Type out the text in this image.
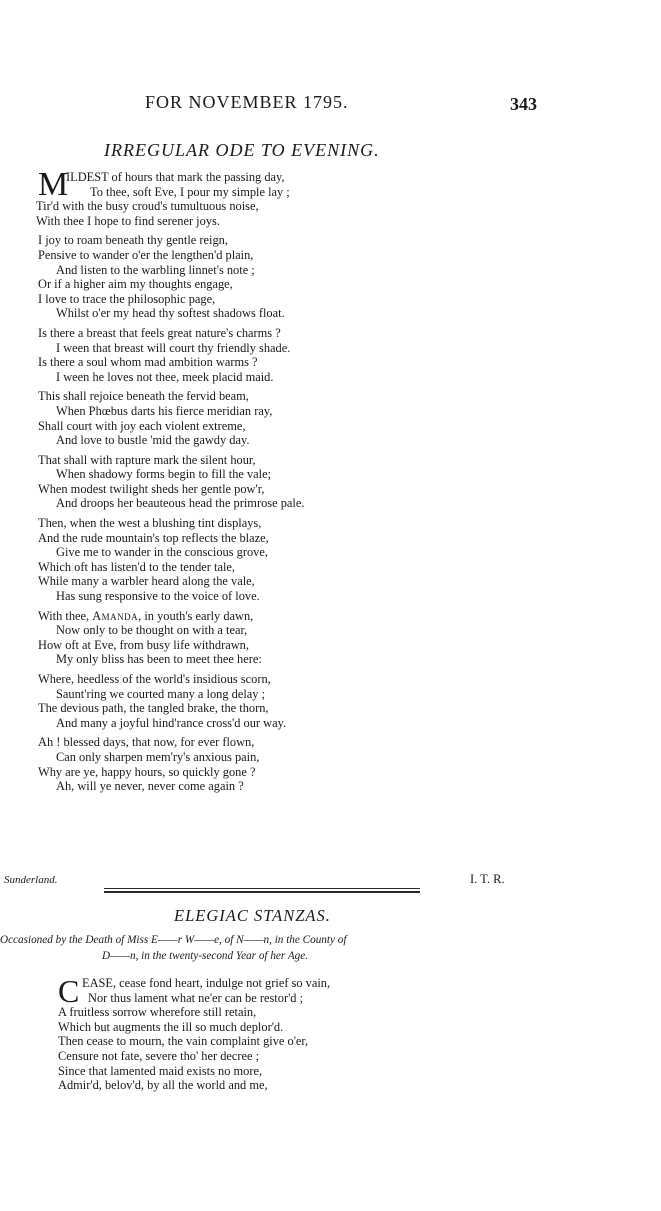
FOR NOVEMBER 1795.	343
IRREGULAR ODE TO EVENING.
M
ILDEST of hours that mark the passing day,
To thee, soft Eve, I pour my simple lay ;
Tir'd with the busy croud's tumultuous noise,
With thee I hope to find serener joys.
I joy to roam beneath thy gentle reign,
Pensive to wander o'er the lengthen'd plain,
And listen to the warbling linnet's note ;
Or if a higher aim my thoughts engage,
I love to trace the philosophic page,
Whilst o'er my head thy softest shadows float.
Is there a breast that feels great nature's charms ?
I ween that breast will court thy friendly shade.
Is there a soul whom mad ambition warms ?
I ween he loves not thee, meek placid maid.
This shall rejoice beneath the fervid beam,
When Phœbus darts his fierce meridian ray,
Shall court with joy each violent extreme,
And love to bustle 'mid the gawdy day.
That shall with rapture mark the silent hour,
When shadowy forms begin to fill the vale;
When modest twilight sheds her gentle pow'r,
And droops her beauteous head the primrose pale.
Then, when the west a blushing tint displays,
And the rude mountain's top reflects the blaze,
Give me to wander in the conscious grove,
Which oft has listen'd to the tender tale,
While many a warbler heard along the vale,
Has sung responsive to the voice of love.
With thee, Amanda, in youth's early dawn,
Now only to be thought on with a tear,
How oft at Eve, from busy life withdrawn,
My only bliss has been to meet thee here:
Where, heedless of the world's insidious scorn,
Saunt'ring we courted many a long delay ;
The devious path, the tangled brake, the thorn,
And many a joyful hind'rance cross'd our way.
Ah ! blessed days, that now, for ever flown,
Can only sharpen mem'ry's anxious pain,
Why are ye, happy hours, so quickly gone ?
Ah, will ye never, never come again ?
Sunderland.	I. T. R.
ELEGIAC STANZAS.
Occasioned by the Death of Miss E——r W——e, of N——n, in the County of
D——n, in the twenty-second Year of her Age.
C EASE, cease fond heart, indulge not grief so vain,
Nor thus lament what ne'er can be restor'd ;
A fruitless sorrow wherefore still retain,
Which but augments the ill so much deplor'd.
Then cease to mourn, the vain complaint give o'er,
Censure not fate, severe tho' her decree ;
Since that lamented maid exists no more,
Admir'd, belov'd, by all the world and me,
